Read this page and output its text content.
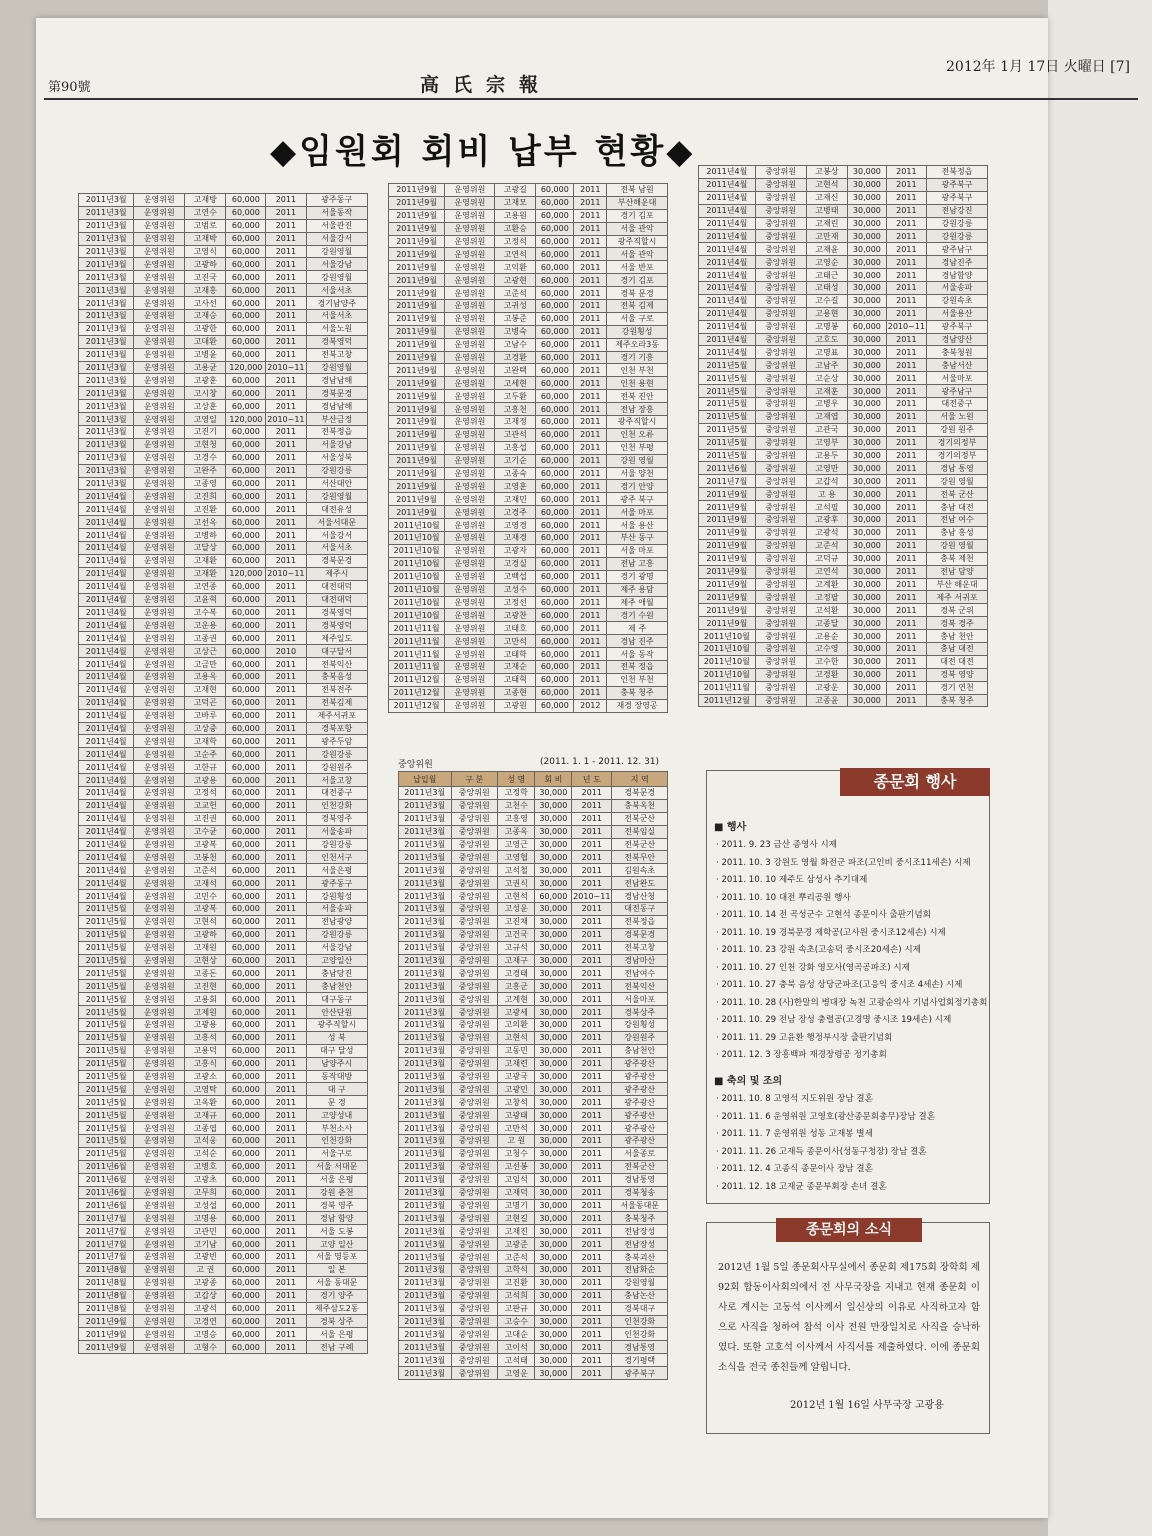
第90號	高氏宗報
2012年 1月 17日 火曜日 [7]
◆임원회 회비 납부 현황◆
2011년3월	운영위원	고재방	60,000	2011	광주동구
2011년3월	운영위원	고연수	60,000	2011	서울동작
2011년3월	운영위원	고범로	60,000	2011	서울관진
2011년3월	운영위원	고재박	60,000	2011	서울강서
2011년3월	운영위원	고영식	60,000	2011	강원영월
2011년3월	운영위원	고광하	60,000	2011	서울강남
2011년3월	운영위원	고진국	60,000	2011	강원영월
2011년3월	운영위원	고재홍	60,000	2011	서울서초
2011년3월	운영위원	고사선	60,000	2011	경기남양주
2011년3월	운영위원	고재승	60,000	2011	서울서초
2011년3월	운영위원	고광한	60,000	2011	서울노원
2011년3월	운영위원	고대환	60,000	2011	경북영덕
2011년3월	운영위원	고병윤	60,000	2011	전북고창
2011년3월	운영위원	고용균	120,000	2010~11	강원영월
2011년3월	운영위원	고광훈	60,000	2011	경남남해
2011년3월	운영위원	고시창	60,000	2011	경북문경
2011년3월	운영위원	고상훈	60,000	2011	경남남해
2011년3월	운영위원	고영일	120,000	2010~11	부산금정
2011년3월	운영위원	고진기	60,000	2011	전북정읍
2011년3월	운영위원	고현청	60,000	2011	서울강남
2011년3월	운영위원	고경수	60,000	2011	서울성북
2011년3월	운영위원	고완주	60,000	2011	강원강릉
2011년3월	운영위원	고종영	60,000	2011	서산대안
2011년4월	운영위원	고진희	60,000	2011	강원영월
2011년4월	운영위원	고진환	60,000	2011	대전유성
2011년4월	운영위원	고선옥	60,000	2011	서울서대문
2011년4월	운영위원	고병하	60,000	2011	서울강서
2011년4월	운영위원	고달상	60,000	2011	서울서초
2011년4월	운영위원	고재환	60,000	2011	경북문경
2011년4월	운영위원	고재환	120,000	2010~11	제주시
2011년4월	운영위원	고연종	60,000	2011	대전대덕
2011년4월	운영위원	고윤혁	60,000	2011	대전대덕
2011년4월	운영위원	고수복	60,000	2011	경북영덕
2011년4월	운영위원	고운용	60,000	2011	경북영덕
2011년4월	운영위원	고종권	60,000	2011	제주일도
2011년4월	운영위원	고상근	60,000	2010	대구달서
2011년4월	운영위원	고금만	60,000	2011	전북익산
2011년4월	운영위원	고용옥	60,000	2011	충북음성
2011년4월	운영위원	고재현	60,000	2011	전북전주
2011년4월	운영위원	고덕곤	60,000	2011	전북김제
2011년4월	운영위원	고바루	60,000	2011	제주서귀포
2011년4월	운영위원	고상중	60,000	2011	경북포항
2011년4월	운영위원	고재학	60,000	2011	광주두암
2011년4월	운영위원	고순주	60,000	2011	강원강릉
2011년4월	운영위원	고한규	60,000	2011	강원원주
2011년4월	운영위원	고광용	60,000	2011	서울고창
2011년4월	운영위원	고정석	60,000	2011	대전중구
2011년4월	운영위원	고교헌	60,000	2011	인천강화
2011년4월	운영위원	고진권	60,000	2011	경북영주
2011년4월	운영위원	고수균	60,000	2011	서울송파
2011년4월	운영위원	고광복	60,000	2011	강원강릉
2011년4월	운영위원	고봉천	60,000	2011	인천서구
2011년4월	운영위원	고준석	60,000	2011	서울은평
2011년4월	운영위원	고재석	60,000	2011	광주동구
2011년4월	운영위원	고민수	60,000	2011	강원횡성
2011년5월	운영위원	고광복	60,000	2011	서울송파
2011년5월	운영위원	고현석	60,000	2011	전남광양
2011년5월	운영위원	고광하	60,000	2011	강원강릉
2011년5월	운영위원	고재원	60,000	2011	서울강남
2011년5월	운영위원	고현상	60,000	2011	고양일산
2011년5월	운영위원	고종돈	60,000	2011	충남당진
2011년5월	운영위원	고진현	60,000	2011	충남천안
2011년5월	운영위원	고용회	60,000	2011	대구동구
2011년5월	운영위원	고제원	60,000	2011	안산단원
2011년5월	운영위원	고광용	60,000	2011	광주직할시
2011년5월	운영위원	고흥석	60,000	2011	성 북
2011년5월	운영위원	고용덕	60,000	2011	대구 달성
2011년5월	운영위원	고흥식	60,000	2011	남양주시
2011년5월	운영위원	고광소	60,000	2011	동작대방
2011년5월	운영위원	고영탁	60,000	2011	대 구
2011년5월	운영위원	고옥환	60,000	2011	문 경
2011년5월	운영위원	고재규	60,000	2011	고양성내
2011년5월	운영위원	고종엽	60,000	2011	부천소사
2011년5월	운영위원	고석웅	60,000	2011	인천강화
2011년5월	운영위원	고석순	60,000	2011	서울구로
2011년6월	운영위원	고병호	60,000	2011	서울 서대문
2011년6월	운영위원	고광초	60,000	2011	서울 은평
2011년6월	운영위원	고무희	60,000	2011	강원 춘천
2011년6월	운영위원	고성섭	60,000	2011	경북 영주
2011년7월	운영위원	고명용	60,000	2011	경남 함양
2011년7월	운영위원	고관민	60,000	2011	서울 도봉
2011년7월	운영위원	고기남	60,000	2011	고양 일산
2011년7월	운영위원	고광빈	60,000	2011	서울 영등포
2011년8월	운영위원	고 권	60,000	2011	일 본
2011년8월	운영위원	고광종	60,000	2011	서울 동대문
2011년8월	운영위원	고갑상	60,000	2011	경기 양주
2011년8월	운영위원	고광석	60,000	2011	제주삼도2동
2011년9월	운영위원	고경연	60,000	2011	경북 상주
2011년9월	운영위원	고명승	60,000	2011	서울 은평
2011년9월	운영위원	고형수	60,000	2011	전남 구례
2011년9월	운영위원	고광길	60,000	2011	전북 남원
2011년9월	운영위원	고재모	60,000	2011	부산해운대
2011년9월	운영위원	고용원	60,000	2011	경기 김포
2011년9월	운영위원	고환승	60,000	2011	서울 관악
2011년9월	운영위원	고정석	60,000	2011	광주직할시
2011년9월	운영위원	고연석	60,000	2011	서울 관악
2011년9월	운영위원	고익환	60,000	2011	서울 반포
2011년9월	운영위원	고광현	60,000	2011	경기 김포
2011년9월	운영위원	고준석	60,000	2011	경북 문경
2011년9월	운영위원	고귀성	60,000	2011	전북 김제
2011년9월	운영위원	고봉준	60,000	2011	서울 구로
2011년9월	운영위원	고병숙	60,000	2011	강원횡성
2011년9월	운영위원	고남수	60,000	2011	제주오라3동
2011년9월	운영위원	고경환	60,000	2011	경기 기흥
2011년9월	운영위원	고완택	60,000	2011	인천 부천
2011년9월	운영위원	고세현	60,000	2011	인천 용현
2011년9월	운영위원	고두환	60,000	2011	전북 진안
2011년9월	운영위원	고흥천	60,000	2011	전남 장흥
2011년9월	운영위원	고재정	60,000	2011	광주직할시
2011년9월	운영위원	고관석	60,000	2011	인천 오류
2011년9월	운영위원	고흥섭	60,000	2011	인천 부평
2011년9월	운영위원	고기순	60,000	2011	강원 영월
2011년9월	운영위원	고종숙	60,000	2011	서울 양천
2011년9월	운영위원	고영훈	60,000	2011	경기 안양
2011년9월	운영위원	고재민	60,000	2011	광주 북구
2011년9월	운영위원	고경주	60,000	2011	서울 마포
2011년10월	운영위원	고영경	60,000	2011	서울 용산
2011년10월	운영위원	고재경	60,000	2011	부산 동구
2011년10월	운영위원	고광자	60,000	2011	서울 마포
2011년10월	운영위원	고경실	60,000	2011	전남 고흥
2011년10월	운영위원	고백섭	60,000	2011	경기 광명
2011년10월	운영위원	고성수	60,000	2011	제주 용담
2011년10월	운영위원	고정선	60,000	2011	제주 애월
2011년10월	운영위원	고광찬	60,000	2011	경기 수원
2011년11월	운영위원	고태호	60,000	2011	제 주
2011년11월	운영위원	고만석	60,000	2011	경남 진주
2011년11월	운영위원	고태학	60,000	2011	서울 동작
2011년11월	운영위원	고재순	60,000	2011	전북 정읍
2011년12월	운영위원	고태혁	60,000	2011	인천 부천
2011년12월	운영위원	고종현	60,000	2011	충북 청주
2011년12월	운영위원	고광원	60,000	2012	재경 장영공
2011년4월	중앙위원	고봉상	30,000	2011	전북정읍
2011년4월	중앙위원	고현석	30,000	2011	광주북구
2011년4월	중앙위원	고재신	30,000	2011	광주북구
2011년4월	중앙위원	고병태	30,000	2011	전남강진
2011년4월	중앙위원	고재린	30,000	2011	강원강릉
2011년4월	중앙위원	고만재	30,000	2011	강원강릉
2011년4월	중앙위원	고재윤	30,000	2011	광주남구
2011년4월	중앙위원	고영순	30,000	2011	경남진주
2011년4월	중앙위원	고태근	30,000	2011	경남함양
2011년4월	중앙위원	고태성	30,000	2011	서울송파
2011년4월	중앙위원	고수길	30,000	2011	강원속초
2011년4월	중앙위원	고용현	30,000	2011	서울용산
2011년4월	중앙위원	고명봉	60,000	2010~11	광주북구
2011년4월	중앙위원	고호도	30,000	2011	경남양산
2011년4월	중앙위원	고명표	30,000	2011	충북청원
2011년5월	중앙위원	고남주	30,000	2011	충남서산
2011년5월	중앙위원	고순상	30,000	2011	서울마포
2011년5월	중앙위원	고재훈	30,000	2011	광주남구
2011년5월	중앙위원	고병우	30,000	2011	대전중구
2011년5월	중앙위원	고재엽	30,000	2011	서울 노원
2011년5월	중앙위원	고관국	30,000	2011	강원 원주
2011년5월	중앙위원	고영부	30,000	2011	경기의정부
2011년5월	중앙위원	고용두	30,000	2011	경기의정부
2011년6월	중앙위원	고영만	30,000	2011	경남 통영
2011년7월	중앙위원	고갑석	30,000	2011	강원 영월
2011년9월	중앙위원	고 용	30,000	2011	전북 군산
2011년9월	중앙위원	고석필	30,000	2011	충남 대전
2011년9월	중앙위원	고광후	30,000	2011	전남 여수
2011년9월	중앙위원	고광석	30,000	2011	충남 홍성
2011년9월	중앙위원	고준석	30,000	2011	강원 영월
2011년9월	중앙위원	고덕규	30,000	2011	충북 제천
2011년9월	중앙위원	고연석	30,000	2011	전남 담양
2011년9월	중앙위원	고계환	30,000	2011	부산 해운대
2011년9월	중앙위원	고정팔	30,000	2011	제주 서귀포
2011년9월	중앙위원	고석환	30,000	2011	경북 군위
2011년9월	중앙위원	고종달	30,000	2011	경북 경주
2011년10월	중앙위원	고용순	30,000	2011	충남 천안
2011년10월	중앙위원	고수영	30,000	2011	충남 대전
2011년10월	중앙위원	고수한	30,000	2011	대전 대전
2011년10월	중앙위원	고경환	30,000	2011	경북 영양
2011년11월	중앙위원	고광운	30,000	2011	경기 연천
2011년12월	중앙위원	고종윤	30,000	2011	충북 청주
중앙위원	(2011. 1. 1 - 2011. 12. 31)
납입월	구 분	성 명	회 비	년 도	지 역
2011년3월	중앙위원	고정학	30,000	2011	경북문경
2011년3월	중앙위원	고천수	30,000	2011	충북옥천
2011년3월	중앙위원	고흥영	30,000	2011	전북군산
2011년3월	중앙위원	고종옥	30,000	2011	전북임실
2011년3월	중앙위원	고영근	30,000	2011	전북군산
2011년3월	중앙위원	고영협	30,000	2011	전북무안
2011년3월	중앙위원	고석철	30,000	2011	김원속초
2011년3월	중앙위원	고권식	30,000	2011	전남완도
2011년3월	중앙위원	고현석	60,000	2010~11	경남산청
2011년3월	중앙위원	고성운	30,000	2011	대전동구
2011년3월	중앙위원	고진채	30,000	2011	전북정읍
2011년3월	중앙위원	고건국	30,000	2011	경북문경
2011년3월	중앙위원	고규석	30,000	2011	전북고창
2011년3월	중앙위원	고재구	30,000	2011	경남마산
2011년3월	중앙위원	고경태	30,000	2011	전남여수
2011년3월	중앙위원	고흥군	30,000	2011	전북익산
2011년3월	중앙위원	고계현	30,000	2011	서울마포
2011년3월	중앙위원	고광세	30,000	2011	경북상주
2011년3월	중앙위원	고의환	30,000	2011	강원횡성
2011년3월	중앙위원	고현석	30,000	2011	강원원주
2011년3월	중앙위원	고동민	30,000	2011	충남천안
2011년3월	중앙위원	고재련	30,000	2011	광주광산
2011년3월	중앙위원	고광국	30,000	2011	광주광산
2011년3월	중앙위원	고광민	30,000	2011	광주광산
2011년3월	중앙위원	고창석	30,000	2011	광주광산
2011년3월	중앙위원	고광태	30,000	2011	광주광산
2011년3월	중앙위원	고만석	30,000	2011	광주광산
2011년3월	중앙위원	고 원	30,000	2011	광주광산
2011년3월	중앙위원	고청수	30,000	2011	서울종로
2011년3월	중앙위원	고선봉	30,000	2011	전북군산
2011년3월	중앙위원	고임석	30,000	2011	경남통영
2011년3월	중앙위원	고재덕	30,000	2011	경북청송
2011년3월	중앙위원	고명기	30,000	2011	서울동대문
2011년3월	중앙위원	고현길	30,000	2011	충북청주
2011년3월	중앙위원	고재진	30,000	2011	전남장성
2011년3월	중앙위원	고광준	30,000	2011	전남장성
2011년3월	중앙위원	고준석	30,000	2011	충북괴산
2011년3월	중앙위원	고학석	30,000	2011	전남화순
2011년3월	중앙위원	고진환	30,000	2011	강원영월
2011년3월	중앙위원	고석희	30,000	2011	충남논산
2011년3월	중앙위원	고판규	30,000	2011	경북대구
2011년3월	중앙위원	고승수	30,000	2011	인천강화
2011년3월	중앙위원	고대순	30,000	2011	인천강화
2011년3월	중앙위원	고이석	30,000	2011	경남통영
2011년3월	중앙위원	고석태	30,000	2011	경기평택
2011년3월	중앙위원	고영운	30,000	2011	광주북구
종문회 행사
■ 행사
· 2011. 9. 23 금산 종영사 시제
· 2011. 10. 3 강원도 영월 화전군 파조(고인비 중시조11세손) 시제
· 2011. 10. 10 제주도 삼성사 추기대제
· 2011. 10. 10 대전 뿌리공원 행사
· 2011. 10. 14 전 곡성군수 고현석 종문이사 출판기념회
· 2011. 10. 19 경북문경 제학공(고사원 중시조12세손) 시제
· 2011. 10. 23 강원 속초(고송덕 중시조20세손) 시제
· 2011. 10. 27 인천 강화 영모사(영곡공파조) 시제
· 2011. 10. 27 충북 음성 상당군파조(고응익 중시조 4세손) 시제
· 2011. 10. 28 (사)한말의 병대장 녹천 고광순의사 기념사업회정기총회
· 2011. 10. 29 전남 장성 충렬공(고경명 중시조 19세손) 시제
· 2011. 11. 29 고윤환 행정부시장 출판기념회
· 2011. 12. 3 장흥백파 재경장령공 정기총회
■ 축의 및 조의
· 2011. 10. 8 고영석 지도위원 장남 결혼
· 2011. 11. 6 운영위원 고영호(광산종문회총무)장남 결혼
· 2011. 11. 7 운영위원 성동 고재봉 별세
· 2011. 11. 26 고재득 종문이사(성동구청장) 장남 결혼
· 2011. 12. 4 고종식 종문이사 장남 결혼
· 2011. 12. 18 고재균 종문부회장 손녀 결혼
종문회의 소식
2012년 1월 5일 종문회사무실에서 종문회 제175회 장학회 제92회 합동이사회의에서 전 사무국장을 지내고 현재 종문회 이사로 계시는 고동석 이사께서 일신상의 이유로 사직하고자 함으로 사직을 청하여 참석 이사 전원 만장일치로 사직을 승낙하였다. 또한 고호석 이사께서 사직서를 제출하였다. 이에 종문회 소식을 전국 종친들께 알립니다.
2012년 1월 16일 사무국장 고광용
